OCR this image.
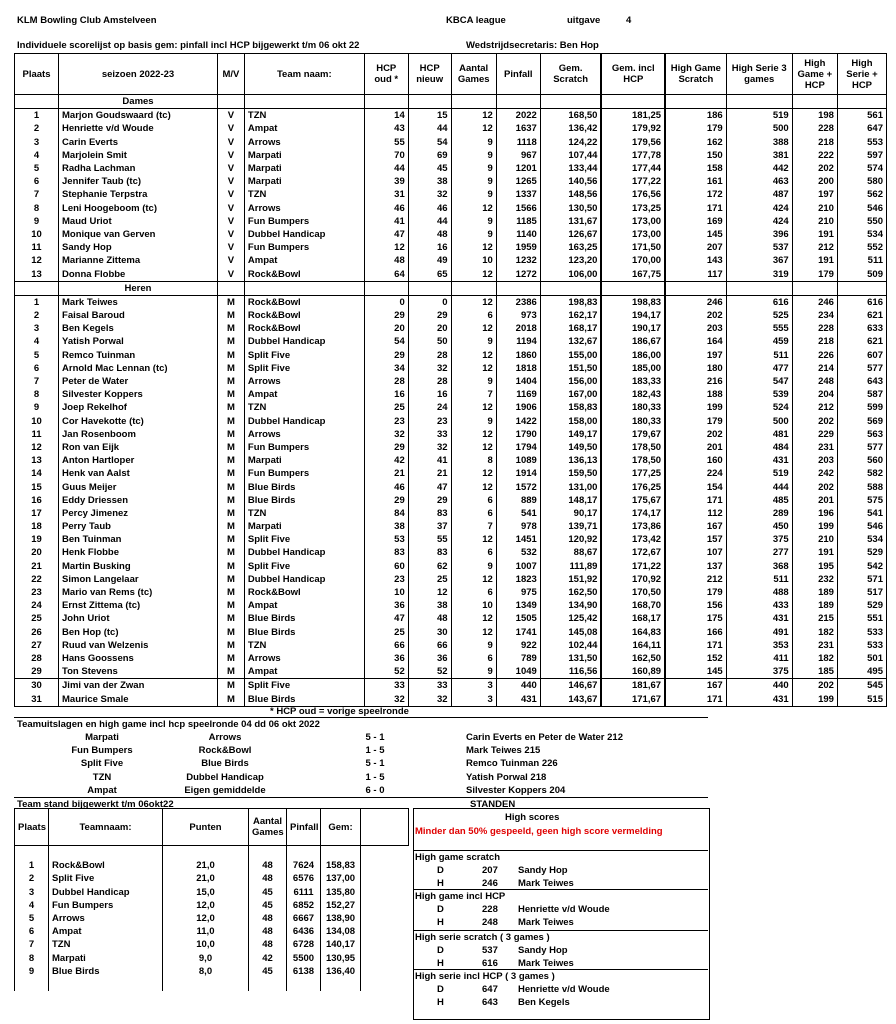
KLM Bowling Club Amstelveen	KBCA league	uitgave	4
Individuele scorelijst op basis gem: pinfall incl HCP bijgewerkt t/m 06 okt 22	Wedstrijdsecretaris: Ben Hop
Plaats	seizoen 2022-23	M/V	Team naam:	HCP oud *	HCP nieuw	Aantal Games	Pinfall	Gem. Scratch	Gem. incl HCP	High Game Scratch	High Serie 3 games	High Game + HCP	High Serie + HCP
	Dames												
1	Marjon Goudswaard (tc)	V	TZN	14	15	12	2022	168,50	181,25	186	519	198	561
2	Henriette v/d Woude	V	Ampat	43	44	12	1637	136,42	179,92	179	500	228	647
3	Carin Everts	V	Arrows	55	54	9	1118	124,22	179,56	162	388	218	553
4	Marjolein Smit	V	Marpati	70	69	9	967	107,44	177,78	150	381	222	597
5	Radha Lachman	V	Marpati	44	45	9	1201	133,44	177,44	158	442	202	574
6	Jennifer Taub (tc)	V	Marpati	39	38	9	1265	140,56	177,22	161	463	200	580
7	Stephanie Terpstra	V	TZN	31	32	9	1337	148,56	176,56	172	487	197	562
8	Leni Hoogeboom (tc)	V	Arrows	46	46	12	1566	130,50	173,25	171	424	210	546
9	Maud Uriot	V	Fun Bumpers	41	44	9	1185	131,67	173,00	169	424	210	550
10	Monique van Gerven	V	Dubbel Handicap	47	48	9	1140	126,67	173,00	145	396	191	534
11	Sandy Hop	V	Fun Bumpers	12	16	12	1959	163,25	171,50	207	537	212	552
12	Marianne Zittema	V	Ampat	48	49	10	1232	123,20	170,00	143	367	191	511
13	Donna Flobbe	V	Rock&Bowl	64	65	12	1272	106,00	167,75	117	319	179	509
	Heren												
1	Mark Teiwes	M	Rock&Bowl	0	0	12	2386	198,83	198,83	246	616	246	616
2	Faisal Baroud	M	Rock&Bowl	29	29	6	973	162,17	194,17	202	525	234	621
3	Ben Kegels	M	Rock&Bowl	20	20	12	2018	168,17	190,17	203	555	228	633
4	Yatish Porwal	M	Dubbel Handicap	54	50	9	1194	132,67	186,67	164	459	218	621
5	Remco Tuinman	M	Split Five	29	28	12	1860	155,00	186,00	197	511	226	607
6	Arnold Mac Lennan (tc)	M	Split Five	34	32	12	1818	151,50	185,00	180	477	214	577
7	Peter de Water	M	Arrows	28	28	9	1404	156,00	183,33	216	547	248	643
8	Silvester Koppers	M	Ampat	16	16	7	1169	167,00	182,43	188	539	204	587
9	Joep Rekelhof	M	TZN	25	24	12	1906	158,83	180,33	199	524	212	599
10	Cor Havekotte (tc)	M	Dubbel Handicap	23	23	9	1422	158,00	180,33	179	500	202	569
11	Jan Rosenboom	M	Arrows	32	33	12	1790	149,17	179,67	202	481	229	563
12	Ron van Eijk	M	Fun Bumpers	29	32	12	1794	149,50	178,50	201	484	231	577
13	Anton Hartloper	M	Marpati	42	41	8	1089	136,13	178,50	160	431	203	560
14	Henk van Aalst	M	Fun Bumpers	21	21	12	1914	159,50	177,25	224	519	242	582
15	Guus Meijer	M	Blue Birds	46	47	12	1572	131,00	176,25	154	444	202	588
16	Eddy Driessen	M	Blue Birds	29	29	6	889	148,17	175,67	171	485	201	575
17	Percy Jimenez	M	TZN	84	83	6	541	90,17	174,17	112	289	196	541
18	Perry Taub	M	Marpati	38	37	7	978	139,71	173,86	167	450	199	546
19	Ben Tuinman	M	Split Five	53	55	12	1451	120,92	173,42	157	375	210	534
20	Henk Flobbe	M	Dubbel Handicap	83	83	6	532	88,67	172,67	107	277	191	529
21	Martin Busking	M	Split Five	60	62	9	1007	111,89	171,22	137	368	195	542
22	Simon Langelaar	M	Dubbel Handicap	23	25	12	1823	151,92	170,92	212	511	232	571
23	Mario van Rems (tc)	M	Rock&Bowl	10	12	6	975	162,50	170,50	179	488	189	517
24	Ernst Zittema (tc)	M	Ampat	36	38	10	1349	134,90	168,70	156	433	189	529
25	John Uriot	M	Blue Birds	47	48	12	1505	125,42	168,17	175	431	215	551
26	Ben Hop (tc)	M	Blue Birds	25	30	12	1741	145,08	164,83	166	491	182	533
27	Ruud van Welzenis	M	TZN	66	66	9	922	102,44	164,11	171	353	231	533
28	Hans Goossens	M	Arrows	36	36	6	789	131,50	162,50	152	411	182	501
29	Ton Stevens	M	Ampat	52	52	9	1049	116,56	160,89	145	375	185	495
30	Jimi van der Zwan	M	Split Five	33	33	3	440	146,67	181,67	167	440	202	545
31	Maurice Smale	M	Blue Birds	32	32	3	431	143,67	171,67	171	431	199	515
* HCP oud = vorige speelronde
Teamuitslagen en high game incl hcp speelronde 04 dd 06 okt 2022
Marpati	Arrows	5 - 1	Carin Everts en Peter de Water 212
Fun Bumpers	Rock&Bowl	1 - 5	Mark Teiwes 215
Split Five	Blue Birds	5 - 1	Remco Tuinman 226
TZN	Dubbel Handicap	1 - 5	Yatish Porwal 218
Ampat	Eigen gemiddelde	6 - 0	Silvester Koppers 204
Team stand bijgewerkt t/m 06okt22	STANDEN
Plaats	Teamnaam:	Punten	Aantal Games	Pinfall	Gem:	

1	Rock&Bowl	21,0	48	7624	158,83	
2	Split Five	21,0	48	6576	137,00	
3	Dubbel Handicap	15,0	45	6111	135,80	
4	Fun Bumpers	12,0	45	6852	152,27	
5	Arrows	12,0	48	6667	138,90	
6	Ampat	11,0	48	6436	134,08	
7	TZN	10,0	48	6728	140,17	
8	Marpati	9,0	42	5500	130,95	
9	Blue Birds	8,0	45	6138	136,40	

High scores
Minder dan 50% gespeeld, geen high score vermelding
High game scratch
D	207 Sandy Hop
H	246 Mark Teiwes
High game incl HCP
D	228 Henriette v/d Woude
H	248 Mark Teiwes
High serie scratch ( 3 games )
D	537 Sandy Hop
H	616 Mark Teiwes
High serie incl HCP ( 3 games )
D	647 Henriette v/d Woude
H	643 Ben Kegels
